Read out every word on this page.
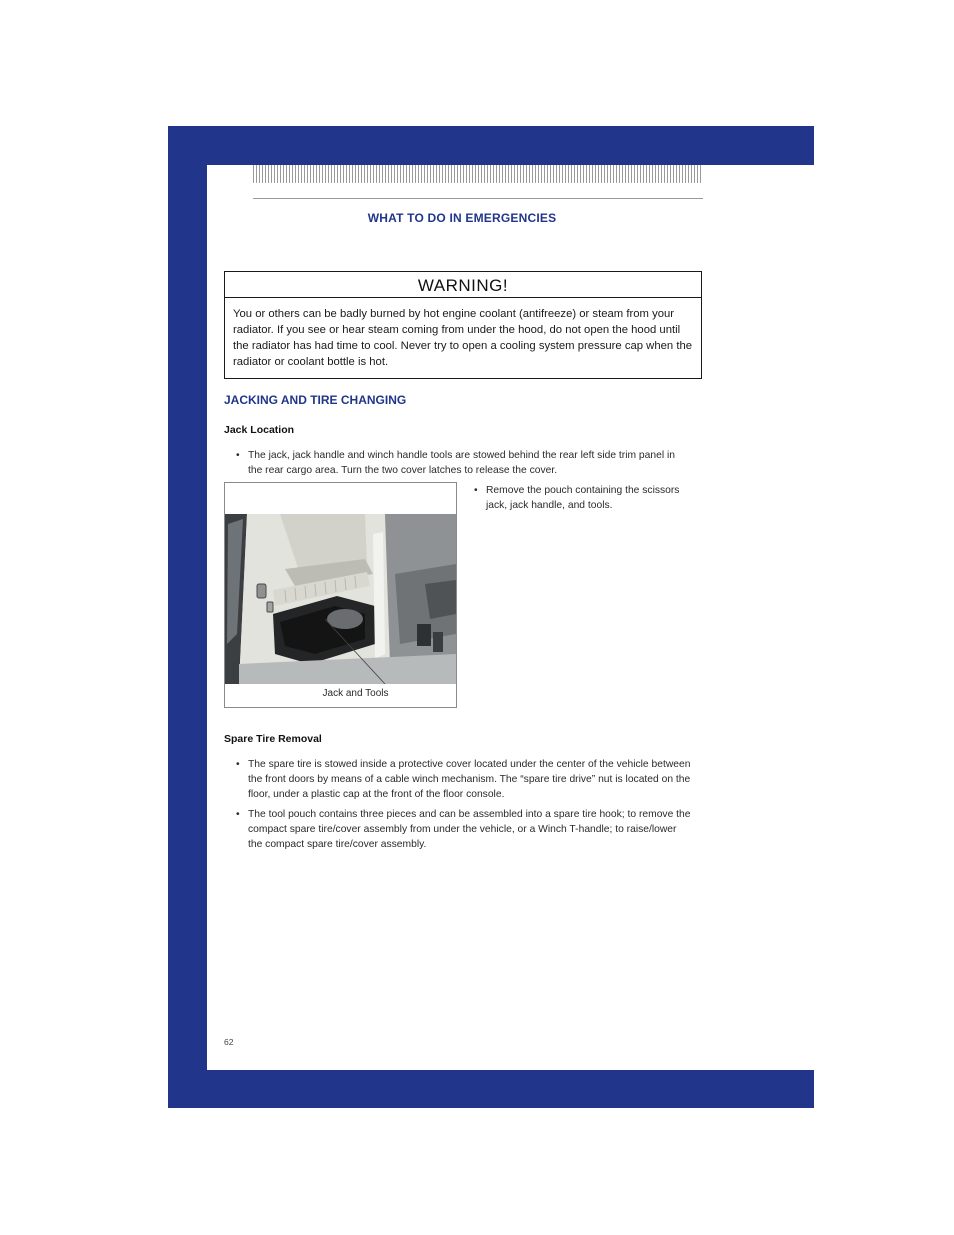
WHAT TO DO IN EMERGENCIES
WARNING!
You or others can be badly burned by hot engine coolant (antifreeze) or steam from your radiator. If you see or hear steam coming from under the hood, do not open the hood until the radiator has had time to cool. Never try to open a cooling system pressure cap when the radiator or coolant bottle is hot.
JACKING AND TIRE CHANGING
Jack Location
• The jack, jack handle and winch handle tools are stowed behind the rear left side trim panel in the rear cargo area. Turn the two cover latches to release the cover.
Jack and Tools
• Remove the pouch containing the scissors jack, jack handle, and tools.
Spare Tire Removal
• The spare tire is stowed inside a protective cover located under the center of the vehicle between the front doors by means of a cable winch mechanism. The “spare tire drive” nut is located on the floor, under a plastic cap at the front of the floor console.
• The tool pouch contains three pieces and can be assembled into a spare tire hook; to remove the compact spare tire/cover assembly from under the vehicle, or a Winch T-handle; to raise/lower the compact spare tire/cover assembly.
62
